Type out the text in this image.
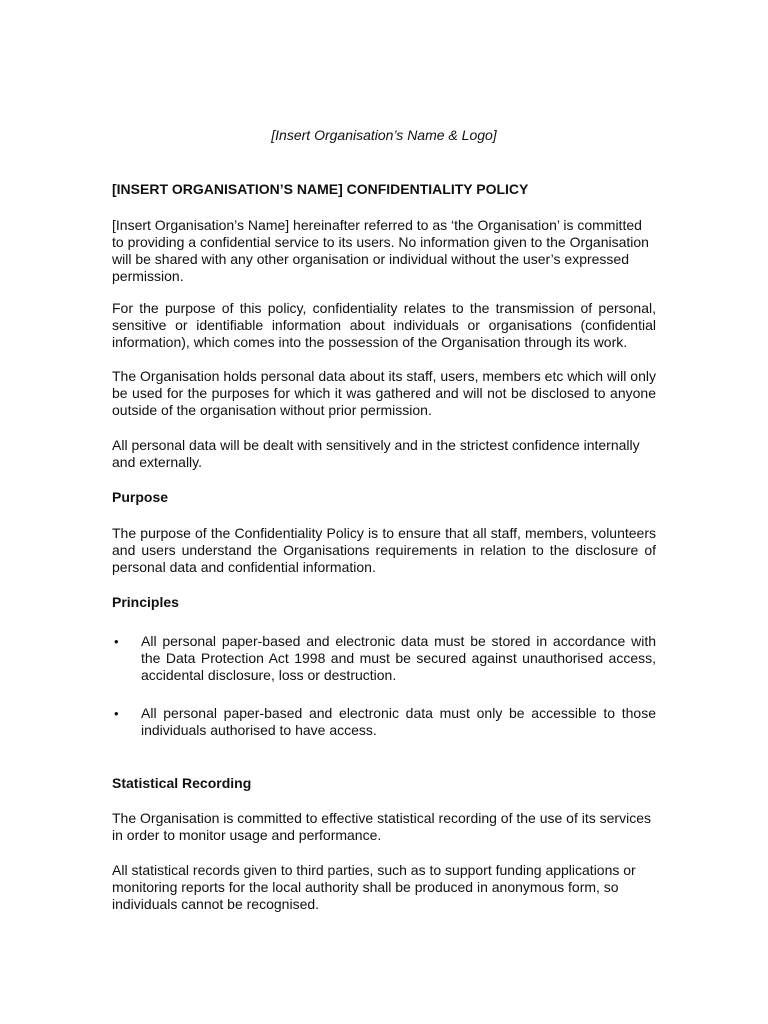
[Insert Organisation’s Name & Logo]
[INSERT ORGANISATION’S NAME] CONFIDENTIALITY POLICY
[Insert Organisation’s Name] hereinafter referred to as ‘the Organisation’ is committed to providing a confidential service to its users. No information given to the Organisation will be shared with any other organisation or individual without the user’s expressed permission.
For the purpose of this policy, confidentiality relates to the transmission of personal, sensitive or identifiable information about individuals or organisations (confidential information), which comes into the possession of the Organisation through its work.
The Organisation holds personal data about its staff, users, members etc which will only be used for the purposes for which it was gathered and will not be disclosed to anyone outside of the organisation without prior permission.
All personal data will be dealt with sensitively and in the strictest confidence internally and externally.
Purpose
The purpose of the Confidentiality Policy is to ensure that all staff, members, volunteers and users understand the Organisations requirements in relation to the disclosure of personal data and confidential information.
Principles
• All personal paper-based and electronic data must be stored in accordance with the Data Protection Act 1998 and must be secured against unauthorised access, accidental disclosure, loss or destruction.
• All personal paper-based and electronic data must only be accessible to those individuals authorised to have access.
Statistical Recording
The Organisation is committed to effective statistical recording of the use of its services in order to monitor usage and performance.
All statistical records given to third parties, such as to support funding applications or monitoring reports for the local authority shall be produced in anonymous form, so individuals cannot be recognised.
